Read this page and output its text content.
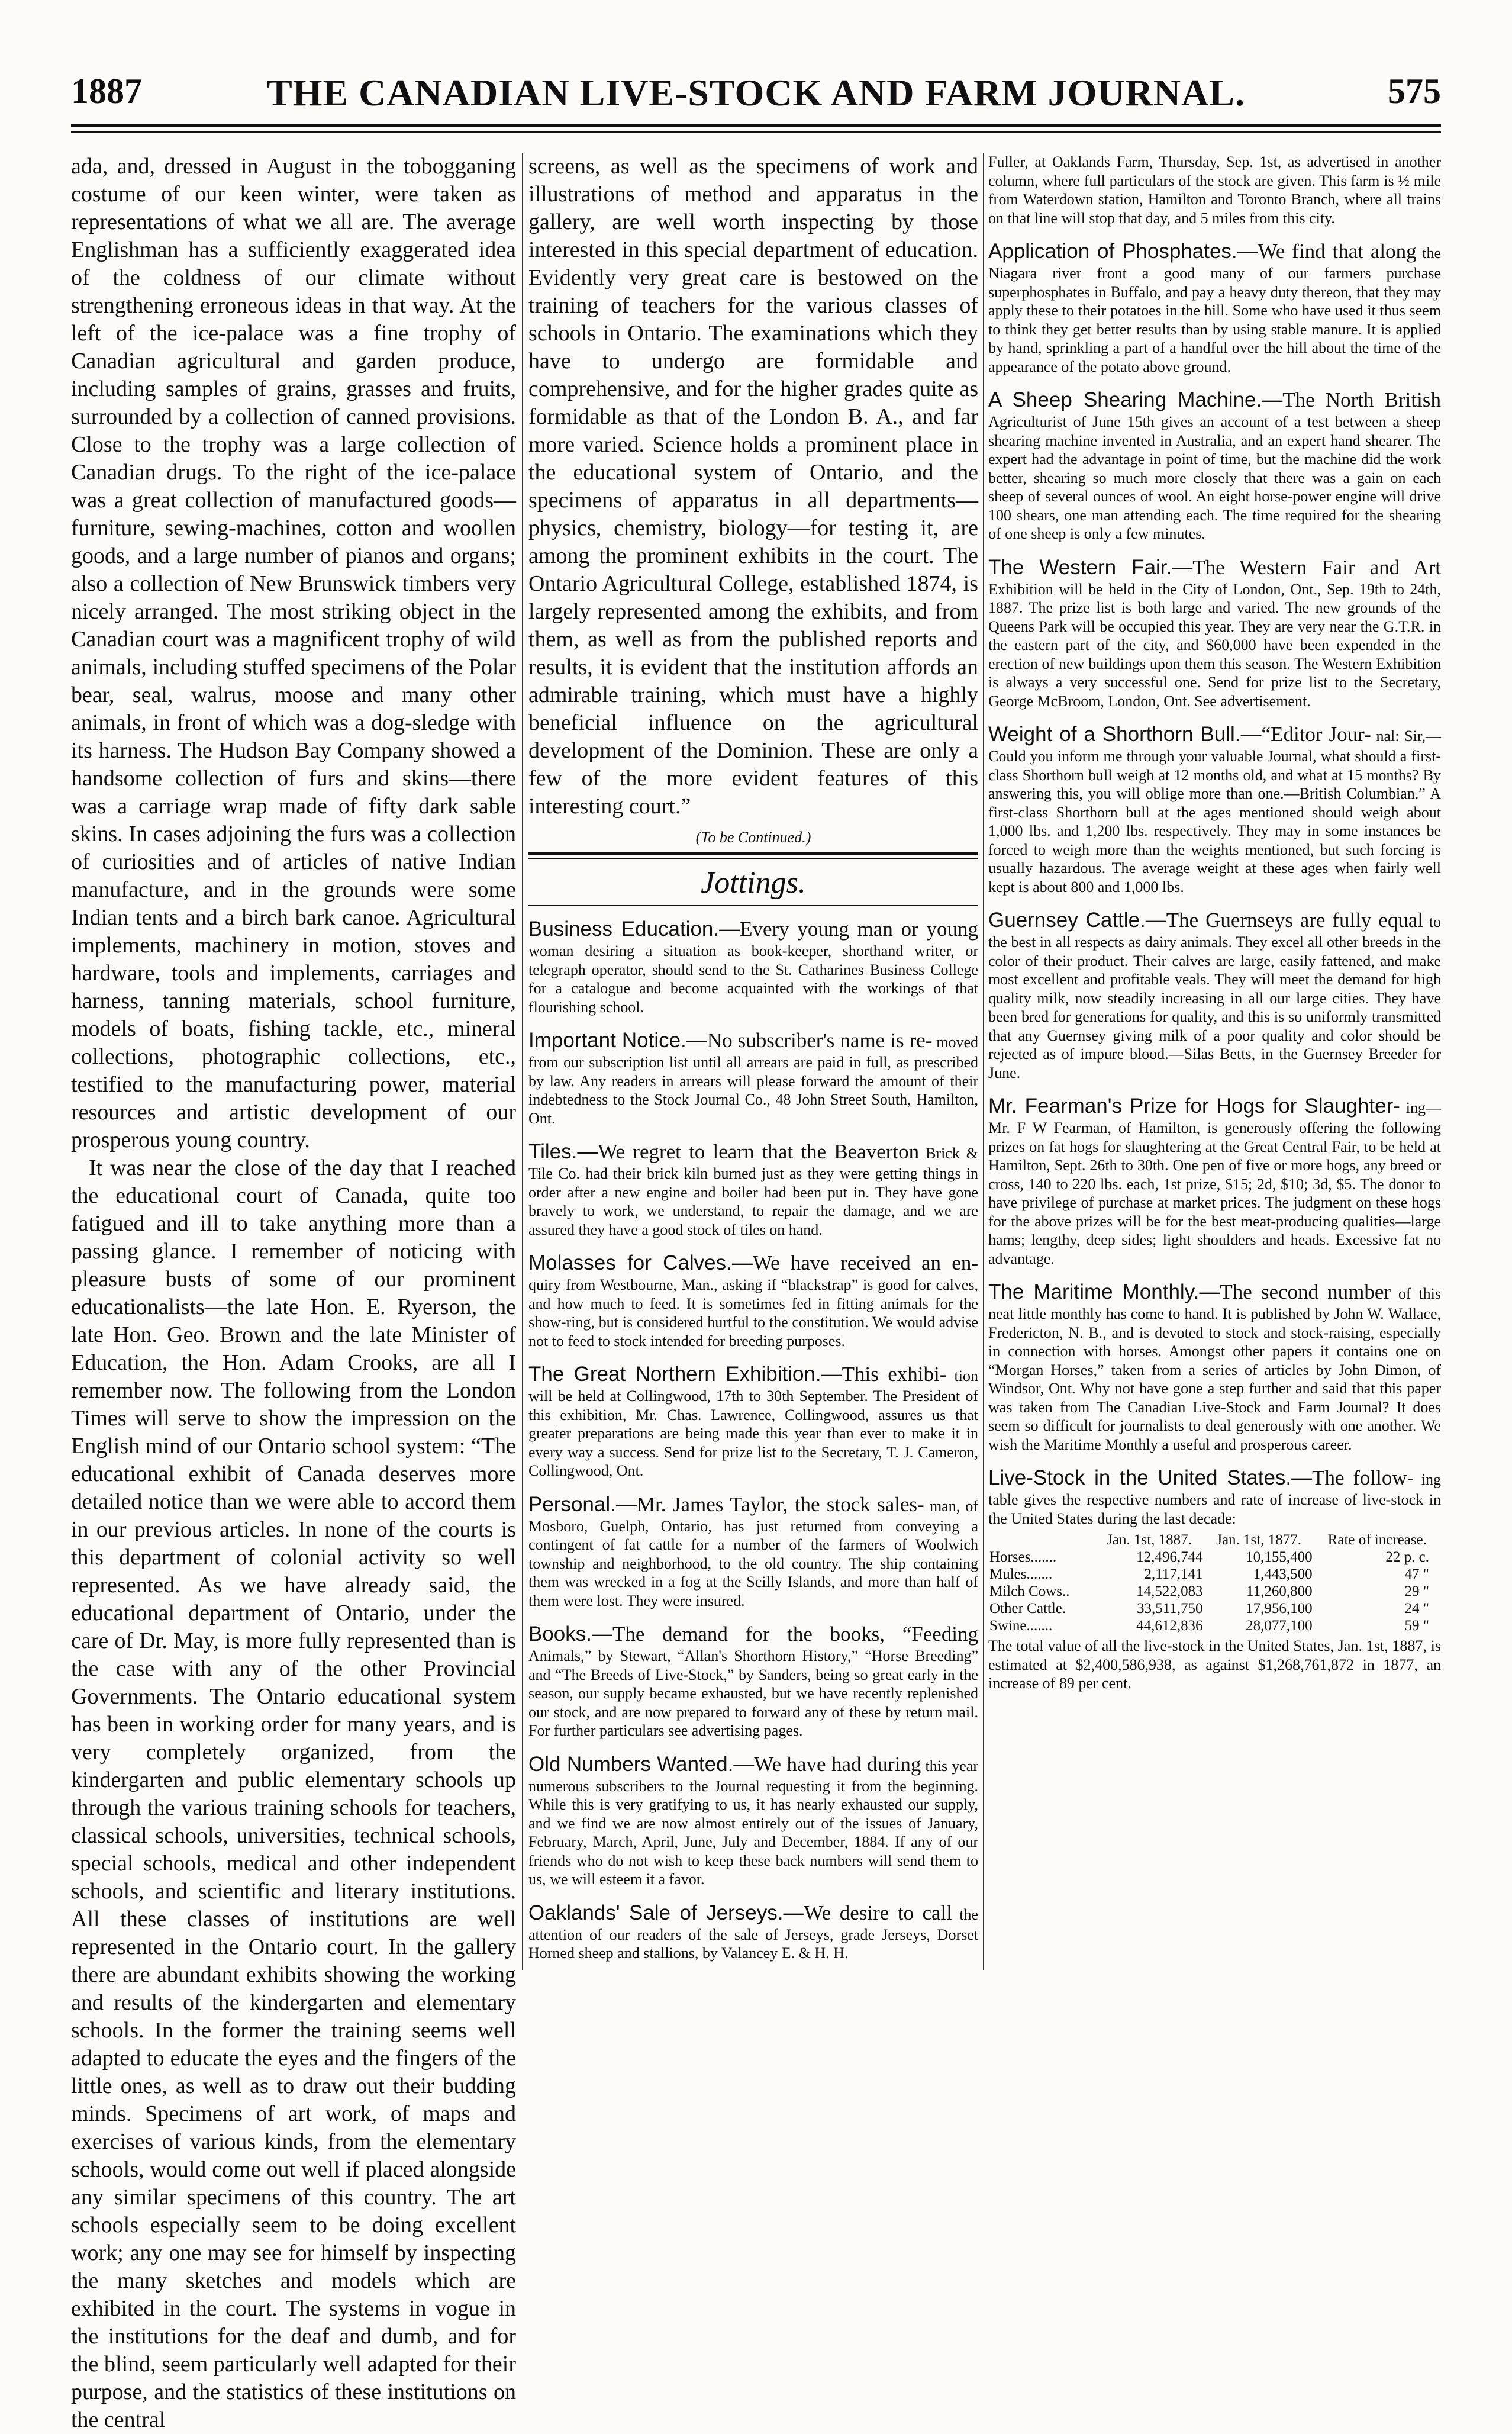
1887	THE CANADIAN LIVE-STOCK AND FARM JOURNAL.	575

ada, and, dressed in August in the tobogganing costume of our keen winter, were taken as representations of what we all are. The average Englishman has a sufficiently exaggerated idea of the coldness of our climate without strengthening erroneous ideas in that way. At the left of the ice-palace was a fine trophy of Canadian agricultural and garden produce, including samples of grains, grasses and fruits, surrounded by a collection of canned provisions. Close to the trophy was a large collection of Canadian drugs. To the right of the ice-palace was a great collection of manufactured goods—furniture, sewing-machines, cotton and woollen goods, and a large number of pianos and organs; also a collection of New Brunswick timbers very nicely arranged. The most striking object in the Canadian court was a magnificent trophy of wild animals, including stuffed specimens of the Polar bear, seal, walrus, moose and many other animals, in front of which was a dog-sledge with its harness. The Hudson Bay Company showed a handsome collection of furs and skins—there was a carriage wrap made of fifty dark sable skins. In cases adjoining the furs was a collection of curiosities and of articles of native Indian manufacture, and in the grounds were some Indian tents and a birch bark canoe. Agricultural implements, machinery in motion, stoves and hardware, tools and implements, carriages and harness, tanning materials, school furniture, models of boats, fishing tackle, etc., mineral collections, photographic collections, etc., testified to the manufacturing power, material resources and artistic development of our prosperous young country.

It was near the close of the day that I reached the educational court of Canada, quite too fatigued and ill to take anything more than a passing glance. I remember of noticing with pleasure busts of some of our prominent educationalists—the late Hon. E. Ryerson, the late Hon. Geo. Brown and the late Minister of Education, the Hon. Adam Crooks, are all I remember now. The following from the London Times will serve to show the impression on the English mind of our Ontario school system: “The educational exhibit of Canada deserves more detailed notice than we were able to accord them in our previous articles. In none of the courts is this department of colonial activity so well represented. As we have already said, the educational department of Ontario, under the care of Dr. May, is more fully represented than is the case with any of the other Provincial Governments. The Ontario educational system has been in working order for many years, and is very completely organized, from the kindergarten and public elementary schools up through the various training schools for teachers, classical schools, universities, technical schools, special schools, medical and other independent schools, and scientific and literary institutions. All these classes of institutions are well represented in the Ontario court. In the gallery there are abundant exhibits showing the working and results of the kindergarten and elementary schools. In the former the training seems well adapted to educate the eyes and the fingers of the little ones, as well as to draw out their budding minds. Specimens of art work, of maps and exercises of various kinds, from the elementary schools, would come out well if placed alongside any similar specimens of this country. The art schools especially seem to be doing excellent work; any one may see for himself by inspecting the many sketches and models which are exhibited in the court. The systems in vogue in the institutions for the deaf and dumb, and for the blind, seem particularly well adapted for their purpose, and the statistics of these institutions on the central

screens, as well as the specimens of work and illustrations of method and apparatus in the gallery, are well worth inspecting by those interested in this special department of education. Evidently very great care is bestowed on the training of teachers for the various classes of schools in Ontario. The examinations which they have to undergo are formidable and comprehensive, and for the higher grades quite as formidable as that of the London B. A., and far more varied. Science holds a prominent place in the educational system of Ontario, and the specimens of apparatus in all departments—physics, chemistry, biology—for testing it, are among the prominent exhibits in the court. The Ontario Agricultural College, established 1874, is largely represented among the exhibits, and from them, as well as from the published reports and results, it is evident that the institution affords an admirable training, which must have a highly beneficial influence on the agricultural development of the Dominion. These are only a few of the more evident features of this interesting court.”

(To be Continued.)
Jottings.
Business Education.—Every young man or young woman desiring a situation as book-keeper, shorthand writer, or telegraph operator, should send to the St. Catharines Business College for a catalogue and become acquainted with the workings of that flourishing school.
Important Notice.—No subscriber's name is re- moved from our subscription list until all arrears are paid in full, as prescribed by law. Any readers in arrears will please forward the amount of their indebtedness to the Stock Journal Co., 48 John Street South, Hamilton, Ont.
Tiles.—We regret to learn that the Beaverton Brick & Tile Co. had their brick kiln burned just as they were getting things in order after a new engine and boiler had been put in. They have gone bravely to work, we understand, to repair the damage, and we are assured they have a good stock of tiles on hand.
Molasses for Calves.—We have received an en- quiry from Westbourne, Man., asking if “blackstrap” is good for calves, and how much to feed. It is sometimes fed in fitting animals for the show-ring, but is considered hurtful to the constitution. We would advise not to feed to stock intended for breeding purposes.
The Great Northern Exhibition.—This exhibi- tion will be held at Collingwood, 17th to 30th September. The President of this exhibition, Mr. Chas. Lawrence, Collingwood, assures us that greater preparations are being made this year than ever to make it in every way a success. Send for prize list to the Secretary, T. J. Cameron, Collingwood, Ont.
Personal.—Mr. James Taylor, the stock sales- man, of Mosboro, Guelph, Ontario, has just returned from conveying a contingent of fat cattle for a number of the farmers of Woolwich township and neighborhood, to the old country. The ship containing them was wrecked in a fog at the Scilly Islands, and more than half of them were lost. They were insured.
Books.—The demand for the books, “Feeding Animals,” by Stewart, “Allan's Shorthorn History,” “Horse Breeding” and “The Breeds of Live-Stock,” by Sanders, being so great early in the season, our supply became exhausted, but we have recently replenished our stock, and are now prepared to forward any of these by return mail. For further particulars see advertising pages.
Old Numbers Wanted.—We have had during this year numerous subscribers to the Journal requesting it from the beginning. While this is very gratifying to us, it has nearly exhausted our supply, and we find we are now almost entirely out of the issues of January, February, March, April, June, July and December, 1884. If any of our friends who do not wish to keep these back numbers will send them to us, we will esteem it a favor.
Oaklands' Sale of Jerseys.—We desire to call the attention of our readers of the sale of Jerseys, grade Jerseys, Dorset Horned sheep and stallions, by Valancey E. & H. H.
Fuller, at Oaklands Farm, Thursday, Sep. 1st, as advertised in another column, where full particulars of the stock are given. This farm is ½ mile from Waterdown station, Hamilton and Toronto Branch, where all trains on that line will stop that day, and 5 miles from this city.
Application of Phosphates.—We find that along the Niagara river front a good many of our farmers purchase superphosphates in Buffalo, and pay a heavy duty thereon, that they may apply these to their potatoes in the hill. Some who have used it thus seem to think they get better results than by using stable manure. It is applied by hand, sprinkling a part of a handful over the hill about the time of the appearance of the potato above ground.
A Sheep Shearing Machine.—The North British Agriculturist of June 15th gives an account of a test between a sheep shearing machine invented in Australia, and an expert hand shearer. The expert had the advantage in point of time, but the machine did the work better, shearing so much more closely that there was a gain on each sheep of several ounces of wool. An eight horse-power engine will drive 100 shears, one man attending each. The time required for the shearing of one sheep is only a few minutes.
The Western Fair.—The Western Fair and Art Exhibition will be held in the City of London, Ont., Sep. 19th to 24th, 1887. The prize list is both large and varied. The new grounds of the Queens Park will be occupied this year. They are very near the G.T.R. in the eastern part of the city, and $60,000 have been expended in the erection of new buildings upon them this season. The Western Exhibition is always a very successful one. Send for prize list to the Secretary, George McBroom, London, Ont. See advertisement.
Weight of a Shorthorn Bull.—“Editor Jour- nal: Sir,—Could you inform me through your valuable Journal, what should a first-class Shorthorn bull weigh at 12 months old, and what at 15 months? By answering this, you will oblige more than one.—British Columbian.” A first-class Shorthorn bull at the ages mentioned should weigh about 1,000 lbs. and 1,200 lbs. respectively. They may in some instances be forced to weigh more than the weights mentioned, but such forcing is usually hazardous. The average weight at these ages when fairly well kept is about 800 and 1,000 lbs.
Guernsey Cattle.—The Guernseys are fully equal to the best in all respects as dairy animals. They excel all other breeds in the color of their product. Their calves are large, easily fattened, and make most excellent and profitable veals. They will meet the demand for high quality milk, now steadily increasing in all our large cities. They have been bred for generations for quality, and this is so uniformly transmitted that any Guernsey giving milk of a poor quality and color should be rejected as of impure blood.—Silas Betts, in the Guernsey Breeder for June.
Mr. Fearman's Prize for Hogs for Slaughter- ing—Mr. F W Fearman, of Hamilton, is generously offering the following prizes on fat hogs for slaughtering at the Great Central Fair, to be held at Hamilton, Sept. 26th to 30th. One pen of five or more hogs, any breed or cross, 140 to 220 lbs. each, 1st prize, $15; 2d, $10; 3d, $5. The donor to have privilege of purchase at market prices. The judgment on these hogs for the above prizes will be for the best meat-producing qualities—large hams; lengthy, deep sides; light shoulders and heads. Excessive fat no advantage.
The Maritime Monthly.—The second number of this neat little monthly has come to hand. It is published by John W. Wallace, Fredericton, N. B., and is devoted to stock and stock-raising, especially in connection with horses. Amongst other papers it contains one on “Morgan Horses,” taken from a series of articles by John Dimon, of Windsor, Ont. Why not have gone a step further and said that this paper was taken from The Canadian Live-Stock and Farm Journal? It does seem so difficult for journalists to deal generously with one another. We wish the Maritime Monthly a useful and prosperous career.
Live-Stock in the United States.—The follow- ing table gives the respective numbers and rate of increase of live-stock in the United States during the last decade:
	Jan. 1st, 1887.	Jan. 1st, 1877.	Rate of increase.
Horses.......	12,496,744	10,155,400	22 p. c.
Mules.......	2,117,141	1,443,500	47 "
Milch Cows..	14,522,083	11,260,800	29 "
Other Cattle.	33,511,750	17,956,100	24 "
Swine.......	44,612,836	28,077,100	59 "
The total value of all the live-stock in the United States, Jan. 1st, 1887, is estimated at $2,400,586,938, as against $1,268,761,872 in 1877, an increase of 89 per cent.
